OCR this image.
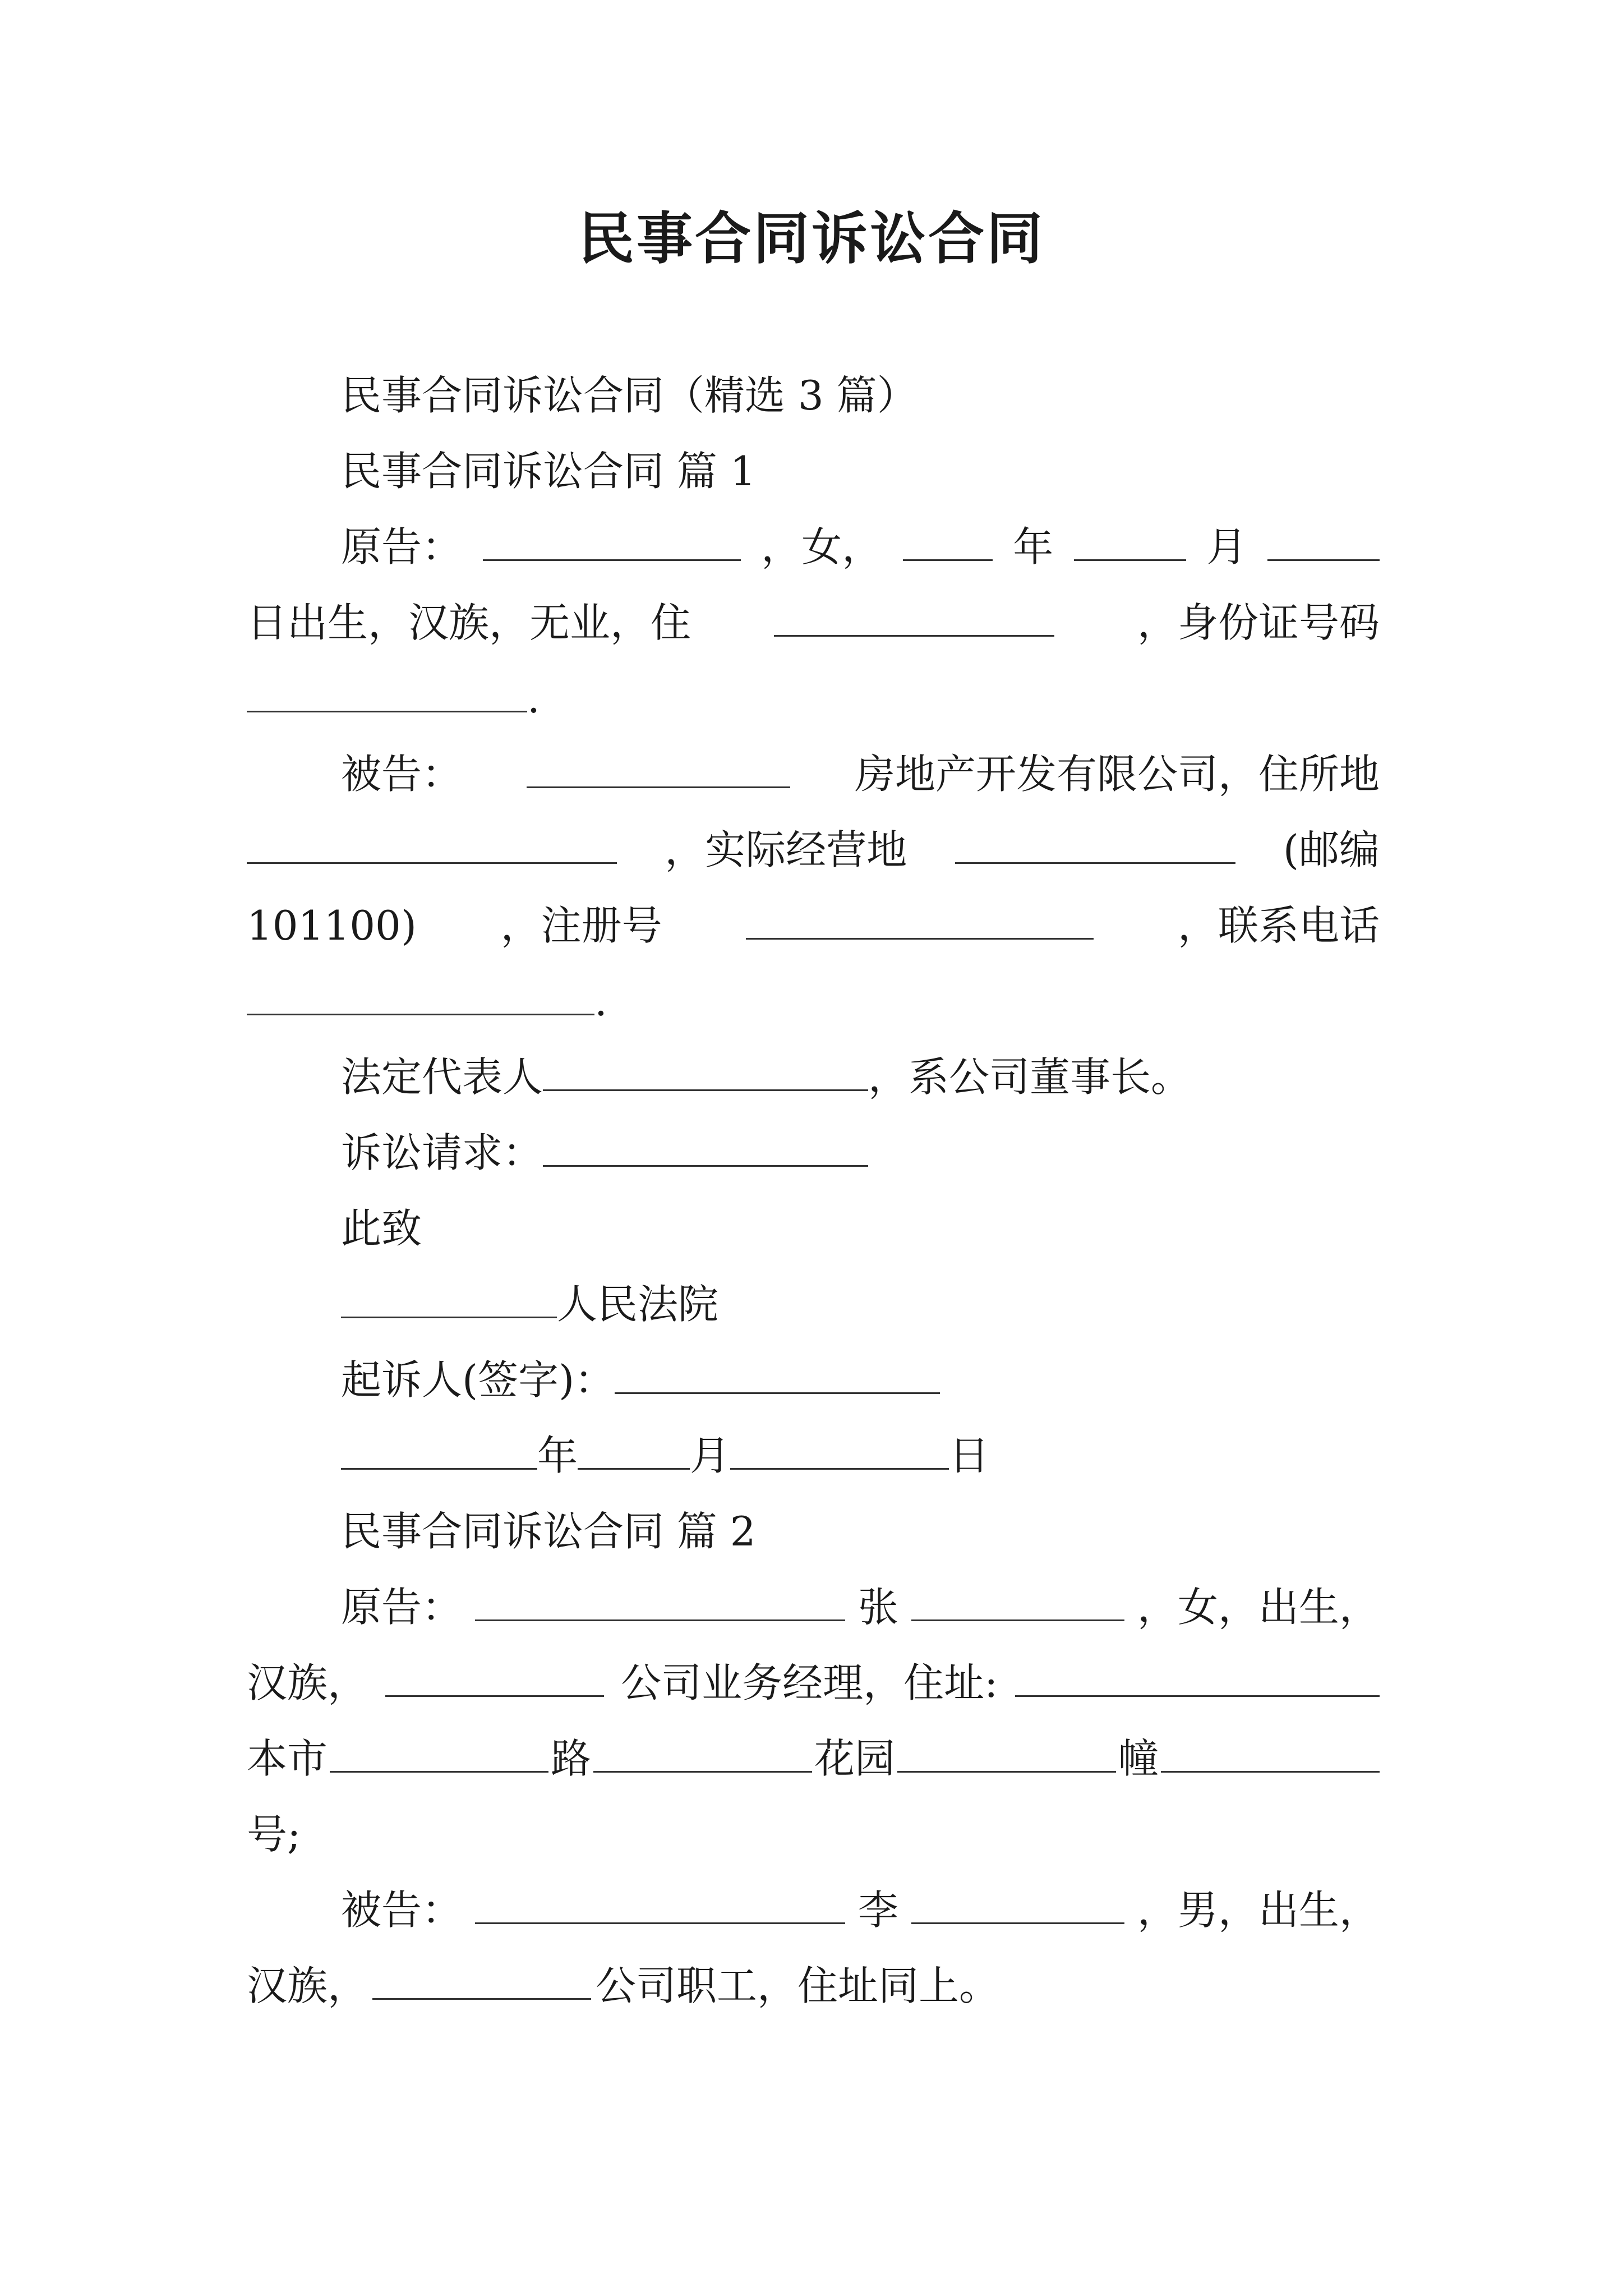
民事合同诉讼合同
民事合同诉讼合同（精选 3 篇）
民事合同诉讼合同 篇 1
原告：	，女，	年	月
日出生，汉族，无业，住	，身份证号码
.
被告：	房地产开发有限公司，住所地
，实际经营地	(邮编
101100) ，注册号	，联系电话
.
法定代表人	，系公司董事长。
诉讼请求：
此致
人民法院
起诉人(签字)：
年	月	日
民事合同诉讼合同 篇 2
原告：	张	，女，出生，
汉族，	公司业务经理，住址:
本市	路	花园	幢
号;
被告：	李	，男，出生，
汉族，	公司职工，住址同上。
